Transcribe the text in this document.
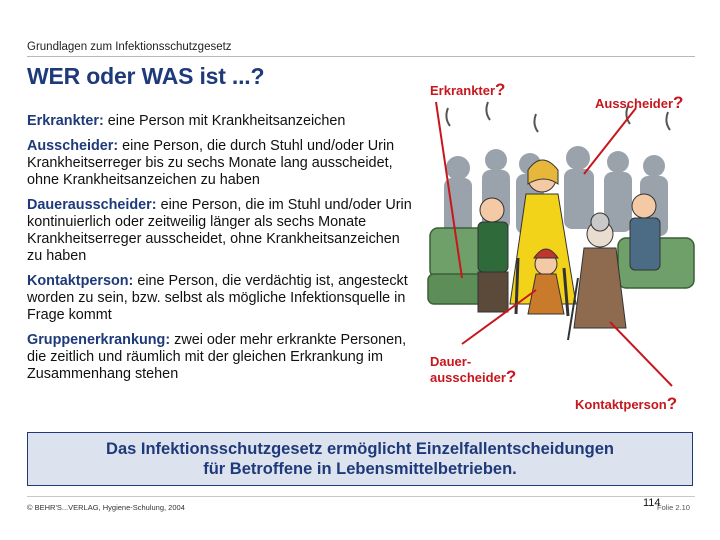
Grundlagen zum Infektionsschutzgesetz
WER oder WAS ist ...?
Erkrankter: eine Person mit Krankheitsanzeichen
Ausscheider: eine Person, die durch Stuhl und/oder Urin Krankheitserreger bis zu sechs Monate lang ausscheidet, ohne Krankheitsanzeichen zu haben
Dauerausscheider: eine Person, die im Stuhl und/oder Urin kontinuierlich oder zeitweilig länger als sechs Monate Krankheitserreger ausscheidet, ohne Krankheitsanzeichen zu haben
Kontaktperson: eine Person, die verdächtig ist, angesteckt worden zu sein, bzw. selbst als mögliche Infektionsquelle in Frage kommt
Gruppenerkrankung: zwei oder mehr erkrankte Personen, die zeitlich und räumlich mit der gleichen Erkrankung im Zusammenhang stehen
Erkrankter?
Ausscheider?
Dauer-
ausscheider?
Kontaktperson?
Das Infektionsschutzgesetz ermöglicht Einzelfallentscheidungen
für Betroffene in Lebensmittelbetrieben.
© BEHR'S...VERLAG, Hygiene-Schulung, 2004	Folie 2.10
114
